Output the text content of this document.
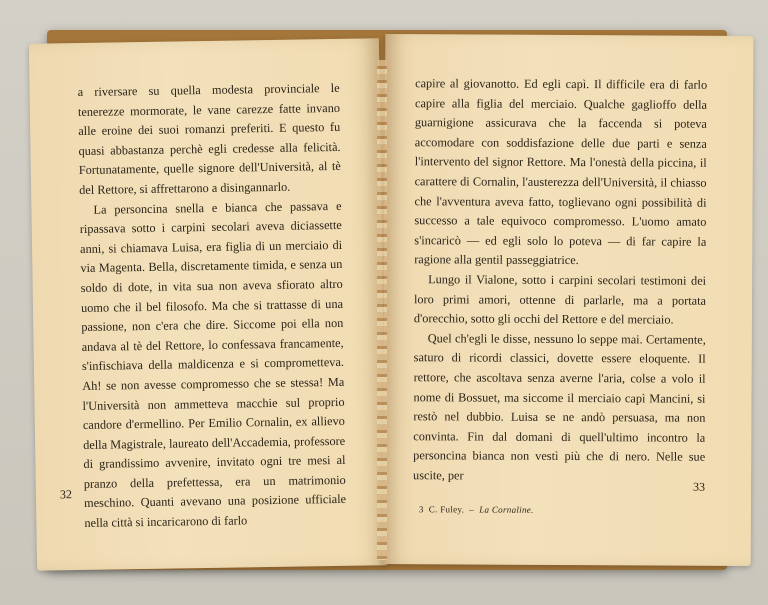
a riversare su quella modesta provinciale le tenerezze mormorate, le vane carezze fatte invano alle eroine dei suoi romanzi preferiti. E questo fu quasi abbastanza perchè egli credesse alla felicità. Fortunatamente, quelle signore dell'Università, al tè del Rettore, si affrettarono a disingannarlo.

La personcina snella e bianca che passava e ripassava sotto i carpini secolari aveva diciassette anni, si chiamava Luisa, era figlia di un merciaio di via Magenta. Bella, discretamente timida, e senza un soldo di dote, in vita sua non aveva sfiorato altro uomo che il bel filosofo. Ma che si trattasse di una passione, non c'era che dire. Siccome poi ella non andava al tè del Rettore, lo confessava francamente, s'infischiava della maldicenza e si compromettevа. Ah! se non avesse compromesso che se stessa! Ma l'Università non ammetteva macchie sul proprio candore d'ermellino. Per Emilio Cornalin, ex allievo della Magistrale, laureato dell'Accademia, professore di grandissimo avvenire, invitato ogni tre mesi al pranzo della prefettessa, era un matrimonio meschino. Quanti avevano una posizione ufficiale nella città si incaricarono di farlo

32

capire al giovanotto. Ed egli capì. Il difficile era di farlo capire alla figlia del merciaio. Qualche gaglioffo della guarnigione assicurava che la faccenda si poteva accomodare con soddisfazione delle due parti e senza l'intervento del signor Rettore. Ma l'onestà della piccina, il carattere di Cornalin, l'austerezza dell'Università, il chiasso che l'avventura aveva fatto, toglievano ogni possibilità di successo a tale equivoco compromesso. L'uomo amato s'incaricò — ed egli solo lo poteva — di far capire la ragione alla gentil passeggiatrice.

Lungo il Vialone, sotto i carpini secolari testimoni dei loro primi amori, ottenne di parlarle, ma a portata d'orecchio, sotto gli occhi del Rettore e del merciaio.

Quel ch'egli le disse, nessuno lo seppe mai. Certamente, saturo di ricordi classici, dovette essere eloquente. Il rettore, che ascoltava senza averne l'aria, colse a volo il nome di Bossuet, ma siccome il merciaio capì Mancini, si restò nel dubbio. Luisa se ne andò persuasa, ma non convinta. Fin dal domani di quell'ultimo incontro la personcina bianca non vestì più che di nero. Nelle sue uscite, per

3 C. Fuley. – La Cornaline.
33
